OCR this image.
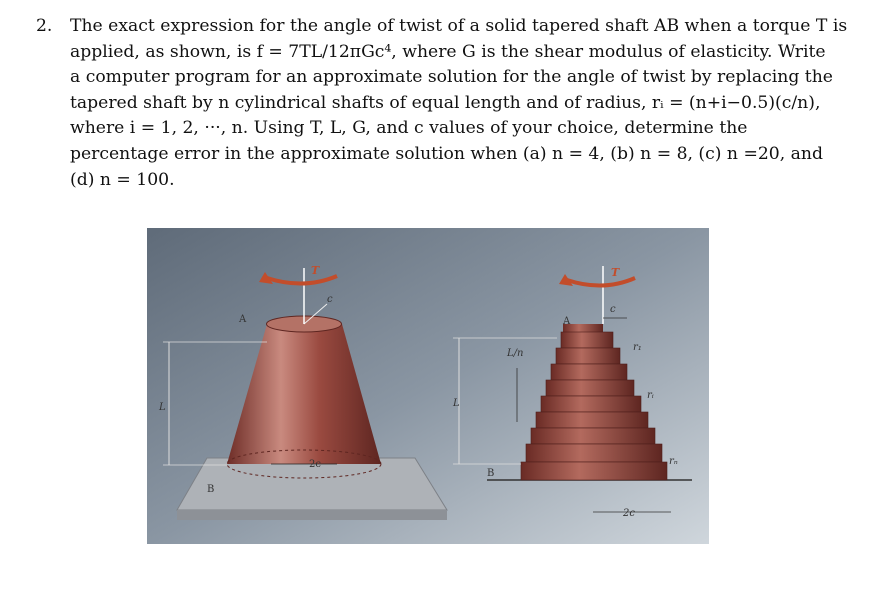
2. The exact expression for the angle of twist of a solid tapered shaft AB when a torque T is
applied, as shown, is f = 7TL/12πGc⁴, where G is the shear modulus of elasticity. Write
a computer program for an approximate solution for the angle of twist by replacing the
tapered shaft by n cylindrical shafts of equal length and of radius, rᵢ = (n+i−0.5)(c/n),
where i = 1, 2, ···, n. Using T, L, G, and c values of your choice, determine the
percentage error in the approximate solution when (a) n = 4, (b) n = 8, (c) n =20, and
(d) n = 100.
T
c
A
L
2c
B
T
c
A
L/n
L
r₁
rᵢ
rₙ
B
2c
